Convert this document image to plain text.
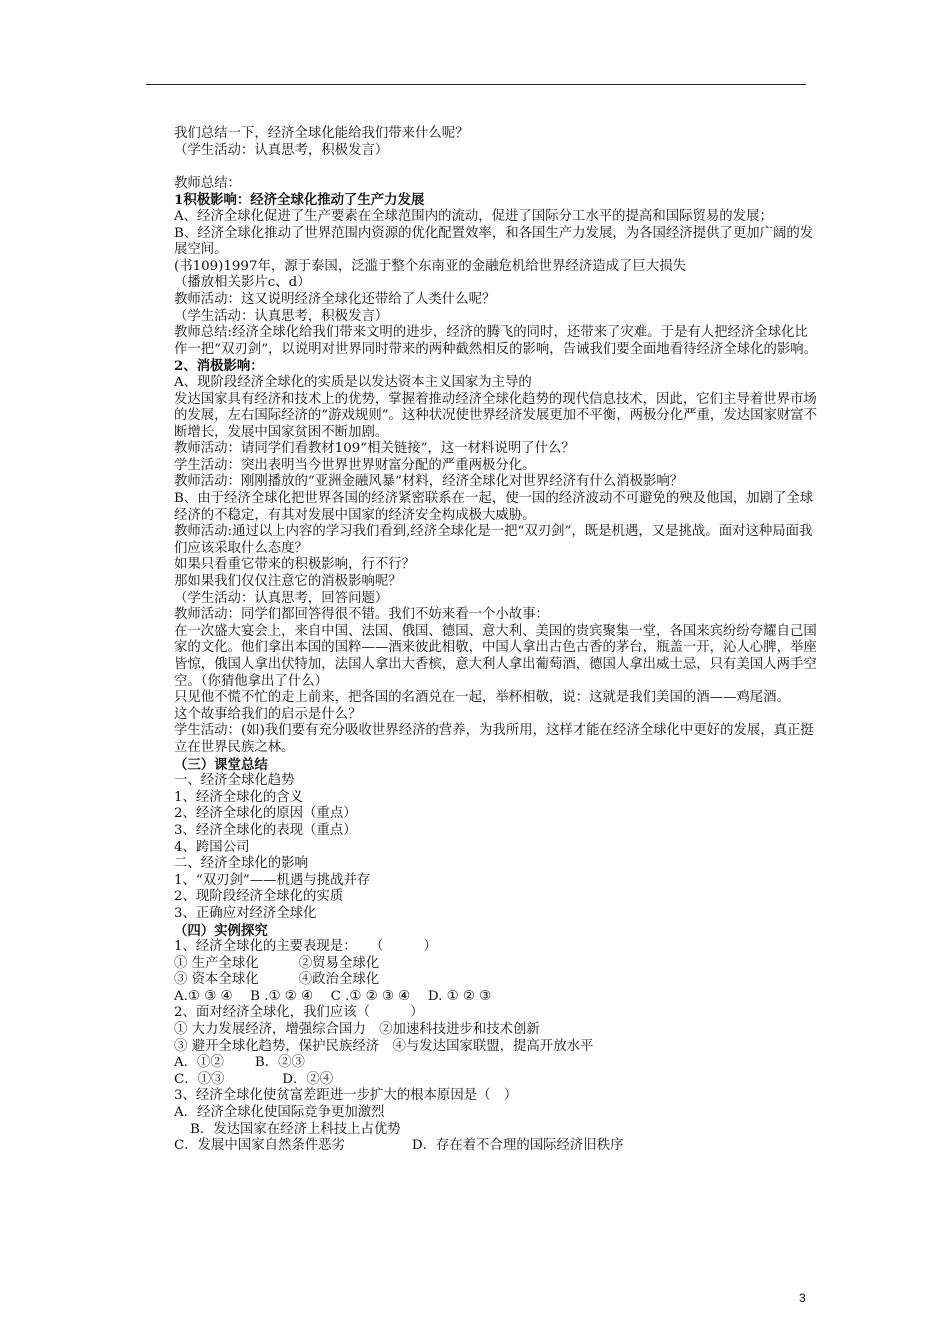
我们总结一下，经济全球化能给我们带来什么呢？
（学生活动：认真思考，积极发言）

教师总结：
1积极影响：经济全球化推动了生产力发展
A、经济全球化促进了生产要素在全球范围内的流动，促进了国际分工水平的提高和国际贸易的发展；
B、经济全球化推动了世界范围内资源的优化配置效率，和各国生产力发展，为各国经济提供了更加广阔的发展空间。
(书109)1997年，源于泰国，泛滥于整个东南亚的金融危机给世界经济造成了巨大损失
（播放相关影片c、d）
教师活动：这又说明经济全球化还带给了人类什么呢？
（学生活动：认真思考，积极发言）
教师总结:经济全球化给我们带来文明的进步，经济的腾飞的同时，还带来了灾难。于是有人把经济全球化比作一把“双刃剑”，以说明对世界同时带来的两种截然相反的影响，告诫我们要全面地看待经济全球化的影响。
2、消极影响：
A、现阶段经济全球化的实质是以发达资本主义国家为主导的
发达国家具有经济和技术上的优势，掌握着推动经济全球化趋势的现代信息技术，因此，它们主导着世界市场的发展，左右国际经济的“游戏规则”。这种状况使世界经济发展更加不平衡，两极分化严重，发达国家财富不断增长，发展中国家贫困不断加剧。
教师活动：请同学们看教材109“相关链接”，这一材料说明了什么？
学生活动：突出表明当今世界世界财富分配的严重两极分化。
教师活动：刚刚播放的“亚洲金融风暴”材料，经济全球化对世界经济有什么消极影响？
B、由于经济全球化把世界各国的经济紧密联系在一起，使一国的经济波动不可避免的殃及他国，加剧了全球经济的不稳定，有其对发展中国家的经济安全构成极大威胁。
教师活动:通过以上内容的学习我们看到,经济全球化是一把“双刃剑”，既是机遇，又是挑战。面对这种局面我们应该采取什么态度？
如果只看重它带来的积极影响，行不行？
那如果我们仅仅注意它的消极影响呢？
（学生活动：认真思考，回答问题）
教师活动：同学们都回答得很不错。我们不妨来看一个小故事：
在一次盛大宴会上，来自中国、法国、俄国、德国、意大利、美国的贵宾聚集一堂，各国来宾纷纷夸耀自己国家的文化。他们拿出本国的国粹——酒来彼此相敬，中国人拿出古色古香的茅台，瓶盖一开，沁人心脾，举座皆惊，俄国人拿出伏特加，法国人拿出大香槟，意大利人拿出葡萄酒，德国人拿出威士忌，只有美国人两手空空。（你猜他拿出了什么）
只见他不慌不忙的走上前来，把各国的名酒兑在一起，举杯相敬，说：这就是我们美国的酒——鸡尾酒。
这个故事给我们的启示是什么？
学生活动：(如)我们要有充分吸收世界经济的营养，为我所用，这样才能在经济全球化中更好的发展，真正挺立在世界民族之林。
（三）课堂总结
一、经济全球化趋势
1、经济全球化的含义
2、经济全球化的原因（重点）
3、经济全球化的表现（重点）
4、跨国公司
二、经济全球化的影响
1、“双刃剑”——机遇与挑战并存
2、现阶段经济全球化的实质
3、正确应对经济全球化
（四）实例探究
1、经济全球化的主要表现是：　　（　　　）
① 生产全球化　　　②贸易全球化
③ 资本全球化　　　④政治全球化
A.① ③ ④　 B .① ② ④　 C .① ② ③ ④　 D. ① ② ③
2、面对经济全球化，我们应该（　　　）
① 大力发展经济，增强综合国力　②加速科技进步和技术创新
③ 避开全球化趋势，保护民族经济　④与发达国家联盟，提高开放水平
A．①②　　 B．②③
C．①③　　　　 D．②④
3、经济全球化使贫富差距进一步扩大的根本原因是（　）
A．经济全球化使国际竞争更加激烈
B．发达国家在经济上科技上占优势
C．发展中国家自然条件恶劣　　　　　D．存在着不合理的国际经济旧秩序
3
